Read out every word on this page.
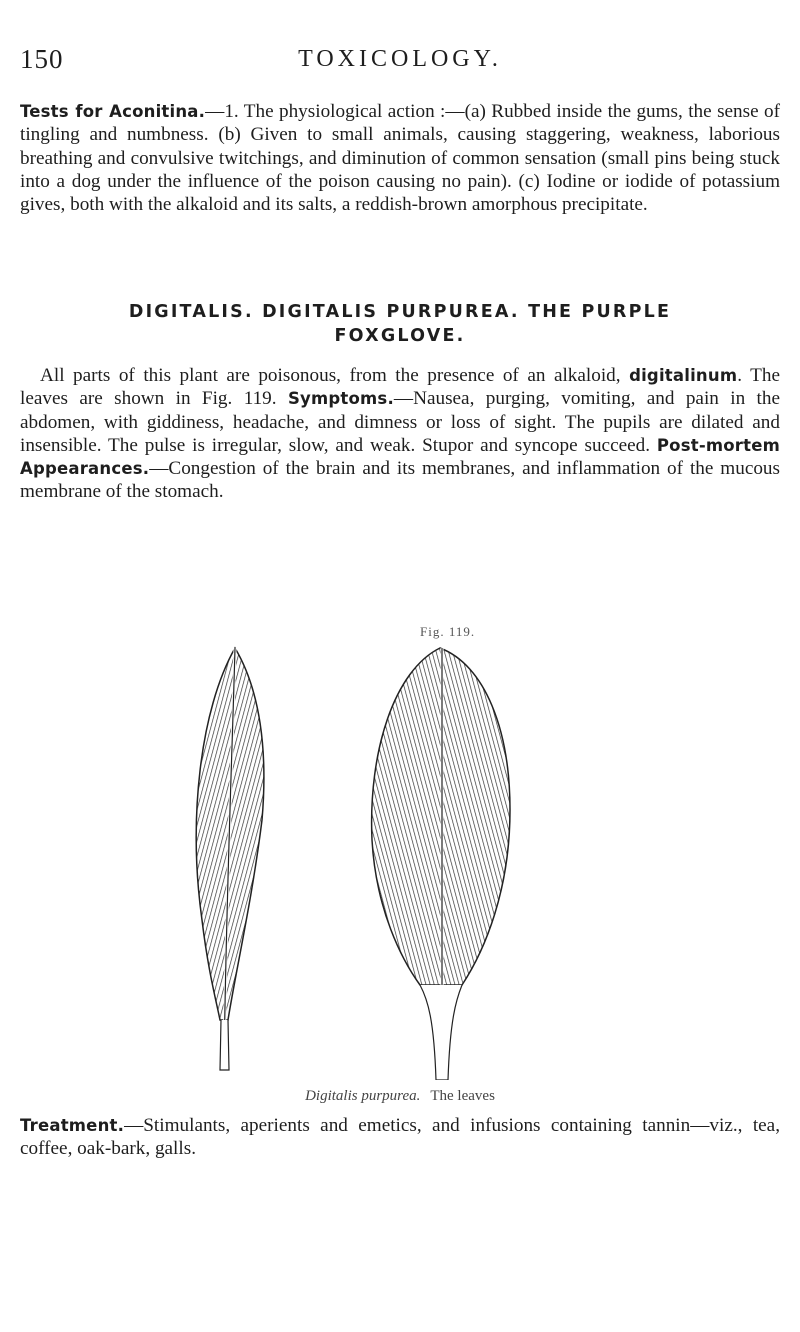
150	TOXICOLOGY.

Tests for Aconitina.—1. The physiological action :—(a) Rubbed inside the gums, the sense of tingling and numbness. (b) Given to small animals, causing staggering, weakness, laborious breathing and convulsive twitchings, and diminution of common sensation (small pins being stuck into a dog under the influence of the poison causing no pain). (c) Iodine or iodide of potassium gives, both with the alkaloid and its salts, a reddish-brown amorphous precipitate.

DIGITALIS. DIGITALIS PURPUREA. THE PURPLE
FOXGLOVE.

All parts of this plant are poisonous, from the presence of an alkaloid, digitalinum. The leaves are shown in Fig. 119. Symptoms.—Nausea, purging, vomiting, and pain in the abdomen, with giddiness, headache, and dimness or loss of sight. The pupils are dilated and insensible. The pulse is irregular, slow, and weak. Stupor and syncope succeed. Post-mortem Appearances.—Congestion of the brain and its membranes, and inflammation of the mucous membrane of the stomach.

Fig. 119.
Digitalis purpurea. The leaves

Treatment.—Stimulants, aperients and emetics, and infusions containing tannin—viz., tea, coffee, oak-bark, galls.
